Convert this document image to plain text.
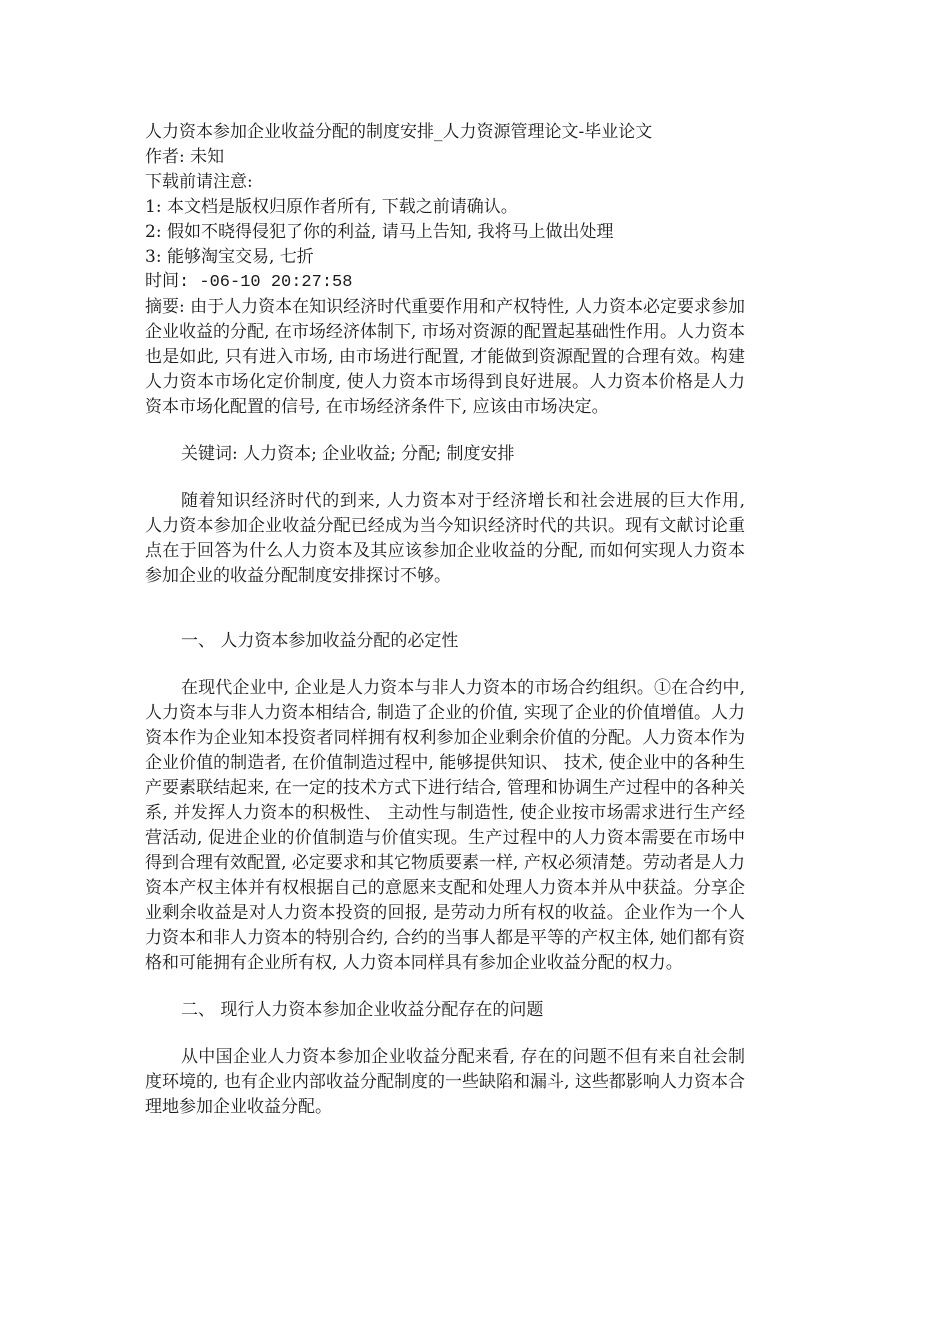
人力资本参加企业收益分配的制度安排_人力资源管理论文-毕业论文
作者: 未知
下载前请注意:
1: 本文档是版权归原作者所有, 下载之前请确认。
2: 假如不晓得侵犯了你的利益, 请马上告知, 我将马上做出处理
3: 能够淘宝交易, 七折
时间: -06-10 20:27:58

摘要: 由于人力资本在知识经济时代重要作用和产权特性, 人力资本必定要求参加企业收益的分配, 在市场经济体制下, 市场对资源的配置起基础性作用。人力资本也是如此, 只有进入市场, 由市场进行配置, 才能做到资源配置的合理有效。构建人力资本市场化定价制度, 使人力资本市场得到良好进展。人力资本价格是人力资本市场化配置的信号, 在市场经济条件下, 应该由市场决定。

关键词: 人力资本; 企业收益; 分配; 制度安排

随着知识经济时代的到来, 人力资本对于经济增长和社会进展的巨大作用, 人力资本参加企业收益分配已经成为当今知识经济时代的共识。现有文献讨论重点在于回答为什么人力资本及其应该参加企业收益的分配, 而如何实现人力资本参加企业的收益分配制度安排探讨不够。

一、 人力资本参加收益分配的必定性

在现代企业中, 企业是人力资本与非人力资本的市场合约组织。①在合约中, 人力资本与非人力资本相结合, 制造了企业的价值, 实现了企业的价值增值。人力资本作为企业知本投资者同样拥有权利参加企业剩余价值的分配。人力资本作为企业价值的制造者, 在价值制造过程中, 能够提供知识、 技术, 使企业中的各种生产要素联结起来, 在一定的技术方式下进行结合, 管理和协调生产过程中的各种关系, 并发挥人力资本的积极性、 主动性与制造性, 使企业按市场需求进行生产经营活动, 促进企业的价值制造与价值实现。生产过程中的人力资本需要在市场中得到合理有效配置, 必定要求和其它物质要素一样, 产权必须清楚。劳动者是人力资本产权主体并有权根据自己的意愿来支配和处理人力资本并从中获益。分享企业剩余收益是对人力资本投资的回报, 是劳动力所有权的收益。企业作为一个人力资本和非人力资本的特别合约, 合约的当事人都是平等的产权主体, 她们都有资格和可能拥有企业所有权, 人力资本同样具有参加企业收益分配的权力。

二、 现行人力资本参加企业收益分配存在的问题

从中国企业人力资本参加企业收益分配来看, 存在的问题不但有来自社会制度环境的, 也有企业内部收益分配制度的一些缺陷和漏斗, 这些都影响人力资本合理地参加企业收益分配。
